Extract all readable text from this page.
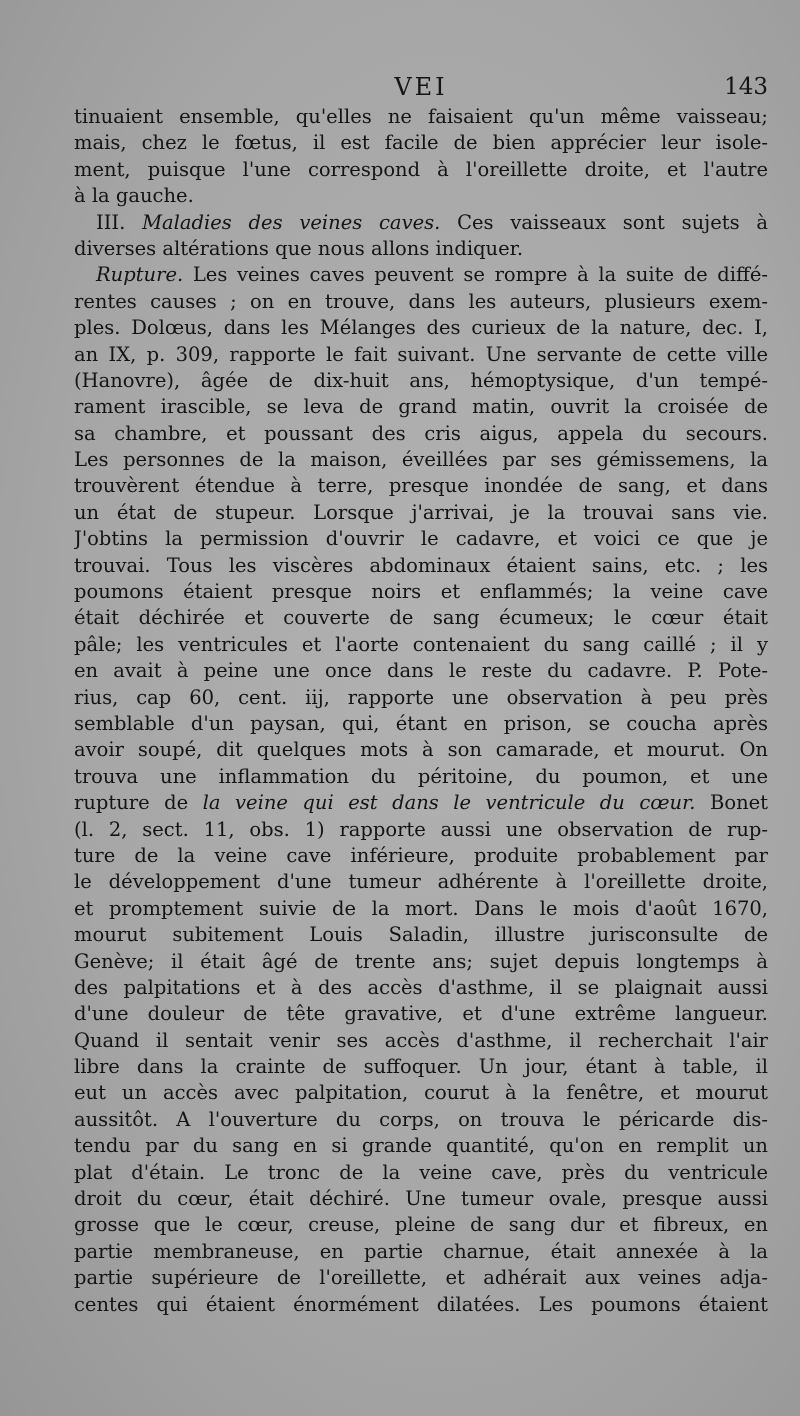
VEI	143
tinuaient ensemble, qu'elles ne faisaient qu'un même vaisseau;
mais, chez le fœtus, il est facile de bien apprécier leur isole-
ment, puisque l'une correspond à l'oreillette droite, et l'autre
à la gauche.
III. Maladies des veines caves. Ces vaisseaux sont sujets à
diverses altérations que nous allons indiquer.
Rupture. Les veines caves peuvent se rompre à la suite de diffé-
rentes causes ; on en trouve, dans les auteurs, plusieurs exem-
ples. Dolœus, dans les Mélanges des curieux de la nature, dec. I,
an IX, p. 309, rapporte le fait suivant. Une servante de cette ville
(Hanovre), âgée de dix-huit ans, hémoptysique, d'un tempé-
rament irascible, se leva de grand matin, ouvrit la croisée de
sa chambre, et poussant des cris aigus, appela du secours.
Les personnes de la maison, éveillées par ses gémissemens, la
trouvèrent étendue à terre, presque inondée de sang, et dans
un état de stupeur. Lorsque j'arrivai, je la trouvai sans vie.
J'obtins la permission d'ouvrir le cadavre, et voici ce que je
trouvai. Tous les viscères abdominaux étaient sains, etc. ; les
poumons étaient presque noirs et enflammés; la veine cave
était déchirée et couverte de sang écumeux; le cœur était
pâle; les ventricules et l'aorte contenaient du sang caillé ; il y
en avait à peine une once dans le reste du cadavre. P. Pote-
rius, cap 60, cent. iij, rapporte une observation à peu près
semblable d'un paysan, qui, étant en prison, se coucha après
avoir soupé, dit quelques mots à son camarade, et mourut. On
trouva une inflammation du péritoine, du poumon, et une
rupture de la veine qui est dans le ventricule du cœur. Bonet
(l. 2, sect. 11, obs. 1) rapporte aussi une observation de rup-
ture de la veine cave inférieure, produite probablement par
le développement d'une tumeur adhérente à l'oreillette droite,
et promptement suivie de la mort. Dans le mois d'août 1670,
mourut subitement Louis Saladin, illustre jurisconsulte de
Genève; il était âgé de trente ans; sujet depuis longtemps à
des palpitations et à des accès d'asthme, il se plaignait aussi
d'une douleur de tête gravative, et d'une extrême langueur.
Quand il sentait venir ses accès d'asthme, il recherchait l'air
libre dans la crainte de suffoquer. Un jour, étant à table, il
eut un accès avec palpitation, courut à la fenêtre, et mourut
aussitôt. A l'ouverture du corps, on trouva le péricarde dis-
tendu par du sang en si grande quantité, qu'on en remplit un
plat d'étain. Le tronc de la veine cave, près du ventricule
droit du cœur, était déchiré. Une tumeur ovale, presque aussi
grosse que le cœur, creuse, pleine de sang dur et fibreux, en
partie membraneuse, en partie charnue, était annexée à la
partie supérieure de l'oreillette, et adhérait aux veines adja-
centes qui étaient énormément dilatées. Les poumons étaient
